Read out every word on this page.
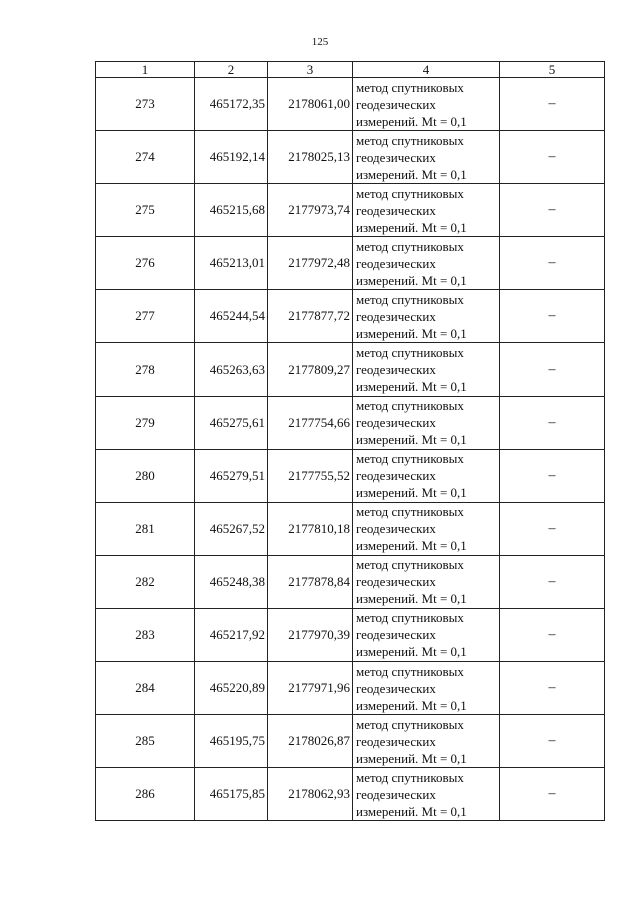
125
1	2	3	4	5
273	465172,35	2178061,00	метод спутниковых
геодезических
измерений. Mt = 0,1	–
274	465192,14	2178025,13	метод спутниковых
геодезических
измерений. Mt = 0,1	–
275	465215,68	2177973,74	метод спутниковых
геодезических
измерений. Mt = 0,1	–
276	465213,01	2177972,48	метод спутниковых
геодезических
измерений. Mt = 0,1	–
277	465244,54	2177877,72	метод спутниковых
геодезических
измерений. Mt = 0,1	–
278	465263,63	2177809,27	метод спутниковых
геодезических
измерений. Mt = 0,1	–
279	465275,61	2177754,66	метод спутниковых
геодезических
измерений. Mt = 0,1	–
280	465279,51	2177755,52	метод спутниковых
геодезических
измерений. Mt = 0,1	–
281	465267,52	2177810,18	метод спутниковых
геодезических
измерений. Mt = 0,1	–
282	465248,38	2177878,84	метод спутниковых
геодезических
измерений. Mt = 0,1	–
283	465217,92	2177970,39	метод спутниковых
геодезических
измерений. Mt = 0,1	–
284	465220,89	2177971,96	метод спутниковых
геодезических
измерений. Mt = 0,1	–
285	465195,75	2178026,87	метод спутниковых
геодезических
измерений. Mt = 0,1	–
286	465175,85	2178062,93	метод спутниковых
геодезических
измерений. Mt = 0,1	–
